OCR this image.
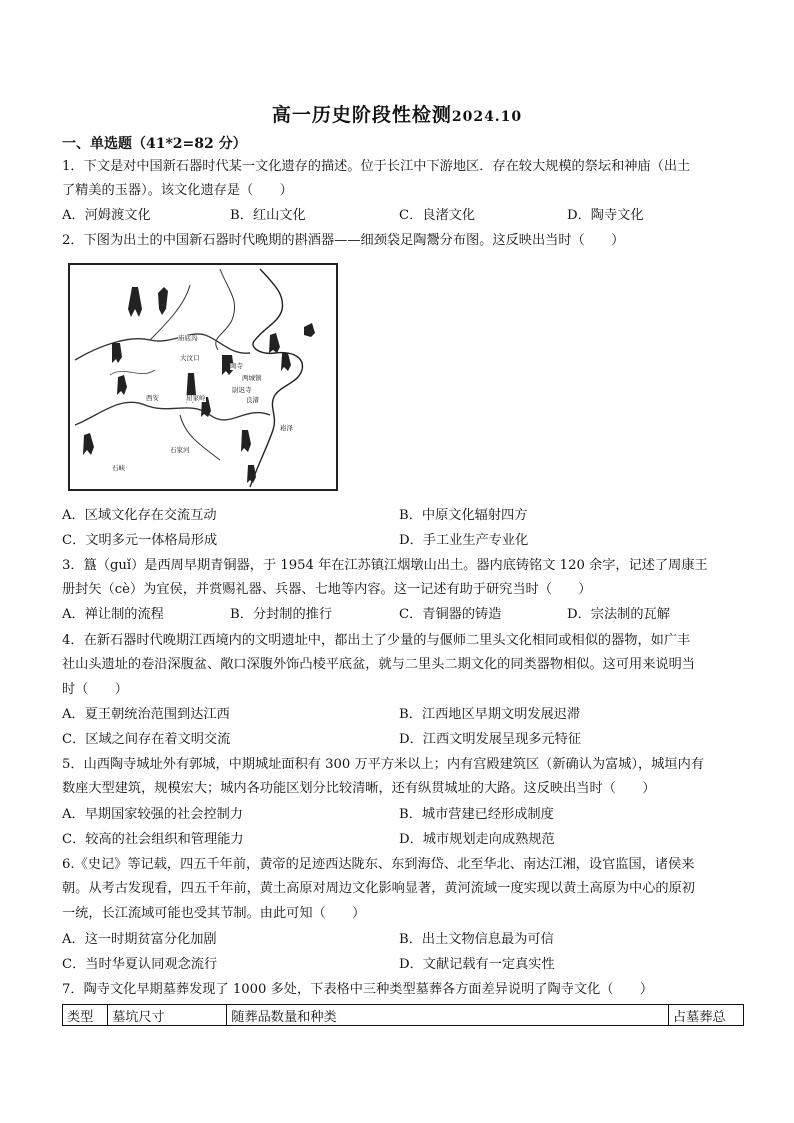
高一历史阶段性检测2024.10
一、单选题（41*2=82 分）
1．下文是对中国新石器时代某一文化遗存的描述。位于长江中下游地区．存在较大规模的祭坛和神庙（出土
了精美的玉器）。该文化遗存是（　　）
A．河姆渡文化	B．红山文化	C．良渚文化	D．陶寺文化
2．下图为出土的中国新石器时代晚期的斟酒器——细颈袋足陶鬶分布图。这反映出当时（　　）
庙底沟
大汶口
陶寺
两城镇
尉迟寺
西安	屈家岭	良渚
石家河
崧泽
石峡
A．区域文化存在交流互动	B．中原文化辐射四方
C．文明多元一体格局形成	D．手工业生产专业化
3．簋（guǐ）是西周早期青铜器，于 1954 年在江苏镇江烟墩山出土。器内底铸铭文 120 余字，记述了周康王
册封矢（cè）为宜侯，并赏赐礼器、兵器、七地等内容。这一记述有助于研究当时（　　）
A．禅让制的流程	B．分封制的推行	C．青铜器的铸造	D．宗法制的瓦解
4．在新石器时代晚期江西境内的文明遗址中，都出土了少量的与偃师二里头文化相同或相似的器物，如广丰
社山头遗址的卷沿深腹盆、敞口深腹外饰凸棱平底盆，就与二里头二期文化的同类器物相似。这可用来说明当
时（　　）
A．夏王朝统治范围到达江西	B．江西地区早期文明发展迟滞
C．区域之间存在着文明交流	D．江西文明发展呈现多元特征
5．山西陶寺城址外有郭城，中期城址面积有 300 万平方米以上；内有宫殿建筑区（新确认为富城），城垣内有
数座大型建筑，规模宏大；城内各功能区划分比较清晰，还有纵贯城址的大路。这反映出当时（　　）
A．早期国家较强的社会控制力	B．城市营建已经形成制度
C．较高的社会组织和管理能力	D．城市规划走向成熟规范
6.《史记》等记载，四五千年前，黄帝的足迹西达陇东、东到海岱、北至华北、南达江湘，设官监国，诸侯来
朝。从考古发现看，四五千年前，黄土高原对周边文化影响显著，黄河流域一度实现以黄土高原为中心的原初
一统，长江流域可能也受其节制。由此可知（　　）
A．这一时期贫富分化加剧	B．出土文物信息最为可信
C．当时华夏认同观念流行	D．文献记载有一定真实性
7．陶寺文化早期墓葬发现了 1000 多处，下表格中三种类型墓葬各方面差异说明了陶寺文化（　　）
类型	墓坑尺寸	随葬品数量和种类	占墓葬总
